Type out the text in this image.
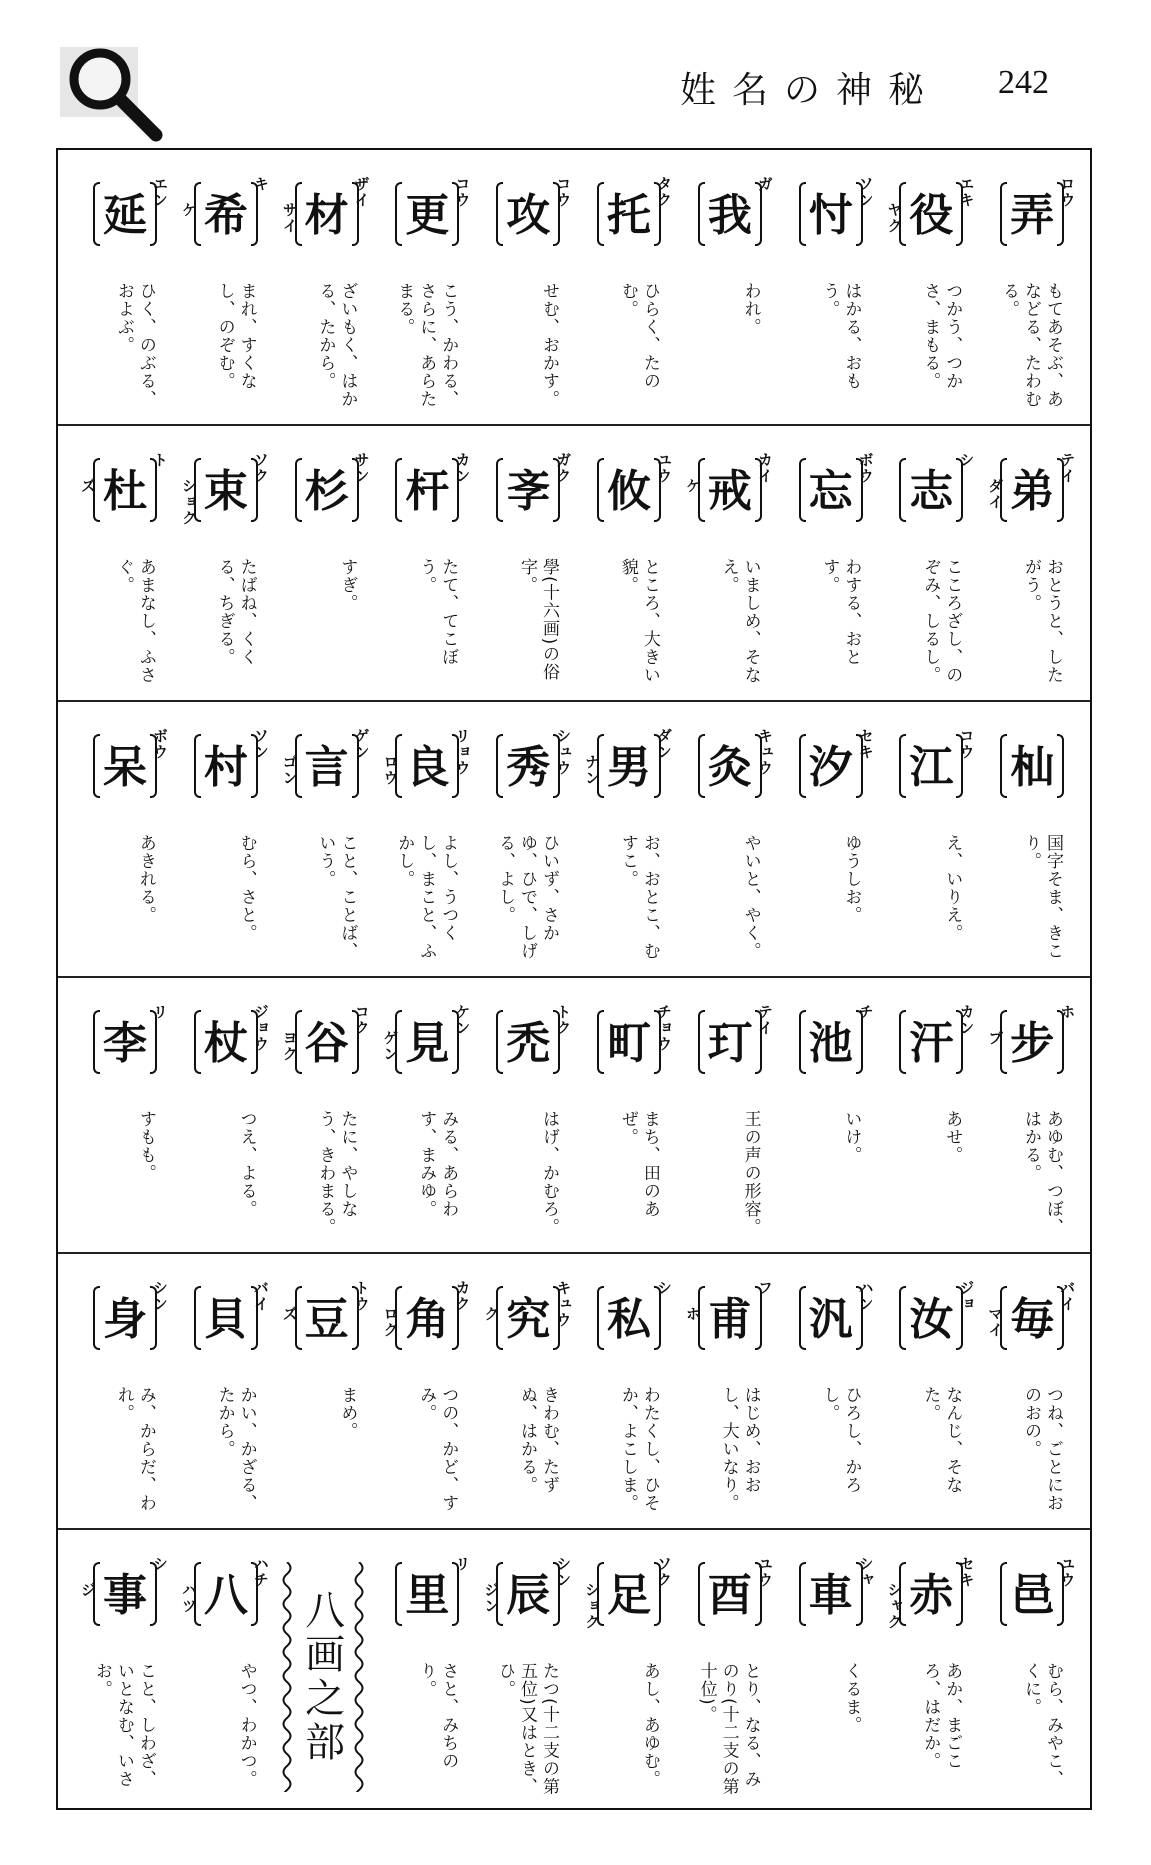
姓名の神秘 242
弄 ロウ
もてあそぶ、あなどる、たわむる。
役 エキ
ヤク
つかう、つかさ、まもる。
忖 ソン
はかる、おもう。
我
ガ
われ。
托 タク
ひらく、たのむ。
攻 コウ
せむ、おかす。
更 コウ
こう、かわる、さらに、あらたまる。
材 ザイ
サイ
ざいもく、はかる、たから。
希
キ
ケ
まれ、すくなし、のぞむ。
延 エン
ひく、のぶる、およぶ。
弟 テイ
ダイ
おとうと、したがう。
志
シ
こころざし、のぞみ、しるし。
忘 ボウ
わする、おとす。
戒 カイ
ケ
いましめ、そなえ。
攸 ユウ
ところ、大きい貌。
斈 ガク
學(十六画)の俗字。
杆 カン
たて、てこぼう。
杉 サン
すぎ。
束 ソク
ショク
たばね、くくる、ちぎる。
杜
ト
ズ
あまなし、ふさぐ。
杣
国字そま、きこり。
江 コウ
え、いりえ。
汐 セキ
ゆうしお。
灸 キュウ
やいと、やく。
男 ダン
ナン
お、おとこ、むすこ。
秀 シュウ
ひいず、さかゆ、ひで、しげる、よし。
良 リョウ
ロウ
よし、うつくし、まこと、ふかし。
言 ゲン
ゴン
こと、ことば、いう。
村 ソン
むら、さと。
呆 ボウ
あきれる。
步
ホ
ブ
あゆむ、つぼ、はかる。
汗 カン
あせ。
池
チ
いけ。
玎 テイ
王の声の形容。
町 チョウ
まち、田のあぜ。
禿 トク
はげ、かむろ。
見 ケン
ゲン
みる、あらわす、まみゆ。
谷 コク
ヨク
たに、やしなう、きわまる。
杖 ジョウ
つえ、よる。
李
リ
すもも。
毎 バイ
マイ
つね、ごとにおのおの。
汝 ジョ
なんじ、そなた。
汎 ハン
ひろし、かろし。
甫
フ
ホ
はじめ、おおし、大いなり。
私
シ
わたくし、ひそか、よこしま。
究 キュウ
ク
きわむ、たずぬ、はかる。
角 カク
ロク
つの、かど、すみ。
豆 トウ
ズ
まめ。
貝 バイ
かい、かざる、たから。
身 シン
み、からだ、われ。
邑 ユウ
むら、みやこ、くに。
赤 セキ
シャク
あか、まごころ、はだか。
車 シャ
くるま。
酉 ユウ
とり、なる、みのり(十二支の第十位)。
足 ソク
ショク
あし、あゆむ。
辰 シン
ジン
たつ(十二支の第五位)又はとき、ひ。
里
リ
さと、みちのり。
八画之部
八 ハチ
ハツ
やつ、わかつ。
事
シ
ジ
こと、しわざ、いとなむ、いさお。
